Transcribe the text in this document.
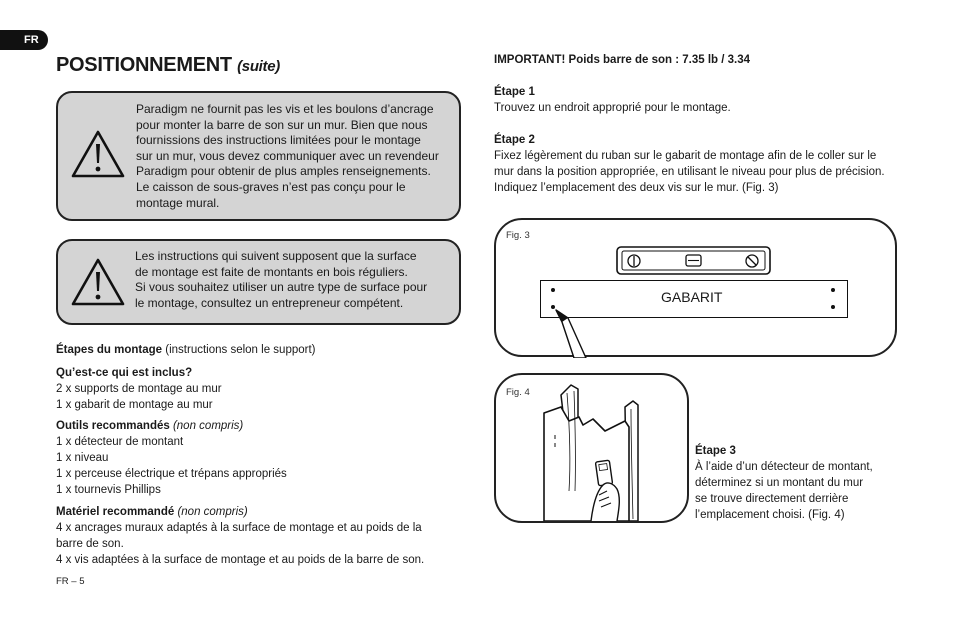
FR
POSITIONNEMENT (suite)
Paradigm ne fournit pas les vis et les boulons d’ancrage
pour monter la barre de son sur un mur. Bien que nous
fournissions des instructions limitées pour le montage
sur un mur, vous devez communiquer avec un revendeur
Paradigm pour obtenir de plus amples renseignements.
Le caisson de sous-graves n’est pas conçu pour le
montage mural.
Les instructions qui suivent supposent que la surface
de montage est faite de montants en bois réguliers.
Si vous souhaitez utiliser un autre type de surface pour
le montage, consultez un entrepreneur compétent.
Étapes du montage (instructions selon le support)
Qu’est-ce qui est inclus?
2 x supports de montage au mur
1 x gabarit de montage au mur
Outils recommandés (non compris)
1 x détecteur de montant
1 x niveau
1 x perceuse électrique et trépans appropriés
1 x tournevis Phillips
Matériel recommandé (non compris)
4 x ancrages muraux adaptés à la surface de montage et au poids de la
barre de son.
4 x vis adaptées à la surface de montage et au poids de la barre de son.
FR – 5
IMPORTANT! Poids barre de son : 7.35 lb / 3.34
Étape 1
Trouvez un endroit approprié pour le montage.
Étape 2
Fixez légèrement du ruban sur le gabarit de montage afin de le coller sur le
mur dans la position appropriée, en utilisant le niveau pour plus de précision.
Indiquez l’emplacement des deux vis sur le mur. (Fig. 3)
Fig. 3
GABARIT
Fig. 4
Étape 3
À l’aide d’un détecteur de montant,
déterminez si un montant du mur
se trouve directement derrière
l’emplacement choisi. (Fig. 4)
